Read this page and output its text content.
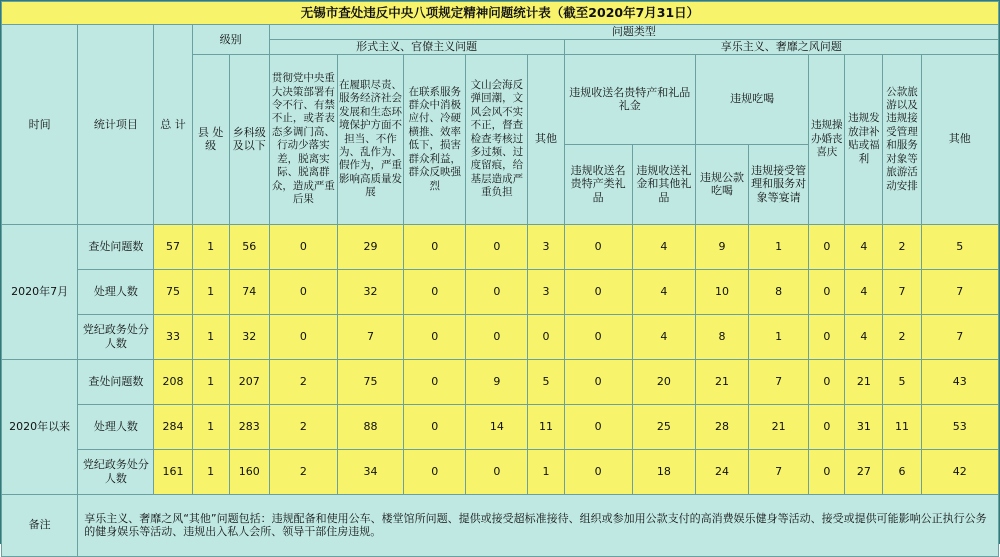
无锡市查处违反中央八项规定精神问题统计表（截至2020年7月31日）																	
时间	统计项目	总 计	级别		问题类型												
					形式主义、官僚主义问题					享乐主义、奢靡之风问题							
			县 处 级	乡科级及以下	贯彻党中央重大决策部署有令不行、有禁不止，或者表态多调门高、行动少落实差，脱离实际、脱离群众，造成严重后果	在履职尽责、服务经济社会发展和生态环境保护方面不担当、不作为、乱作为、假作为，严重影响高质量发展	在联系服务群众中消极应付、冷硬横推、效率低下，损害群众利益，群众反映强烈	文山会海反弹回潮，文风会风不实不正，督查检查考核过多过频、过度留痕，给基层造成严重负担	其他	违规收送名贵特产和礼品礼金		违规吃喝		违规操办婚丧喜庆	违规发放津补贴或福利	公款旅游以及违规接受管理和服务对象等旅游活动安排	其他
										违规收送名贵特产类礼品	违规收送礼金和其他礼品	违规公款吃喝	违规接受管理和服务对象等宴请				
2020年7月	查处问题数	57	1	56	0	29	0	0	3	0	4	9	1	0	4	2	5
	处理人数	75	1	74	0	32	0	0	3	0	4	10	8	0	4	7	7
	党纪政务处分人数	33	1	32	0	7	0	0	0	0	4	8	1	0	4	2	7
2020年以来	查处问题数	208	1	207	2	75	0	9	5	0	20	21	7	0	21	5	43
	处理人数	284	1	283	2	88	0	14	11	0	25	28	21	0	31	11	53
	党纪政务处分人数	161	1	160	2	34	0	0	1	0	18	24	7	0	27	6	42
备注	享乐主义、奢靡之风“其他”问题包括：违规配备和使用公车、楼堂馆所问题、提供或接受超标准接待、组织或参加用公款支付的高消费娱乐健身等活动、接受或提供可能影响公正执行公务的健身娱乐等活动、违规出入私人会所、领导干部住房违规。																
